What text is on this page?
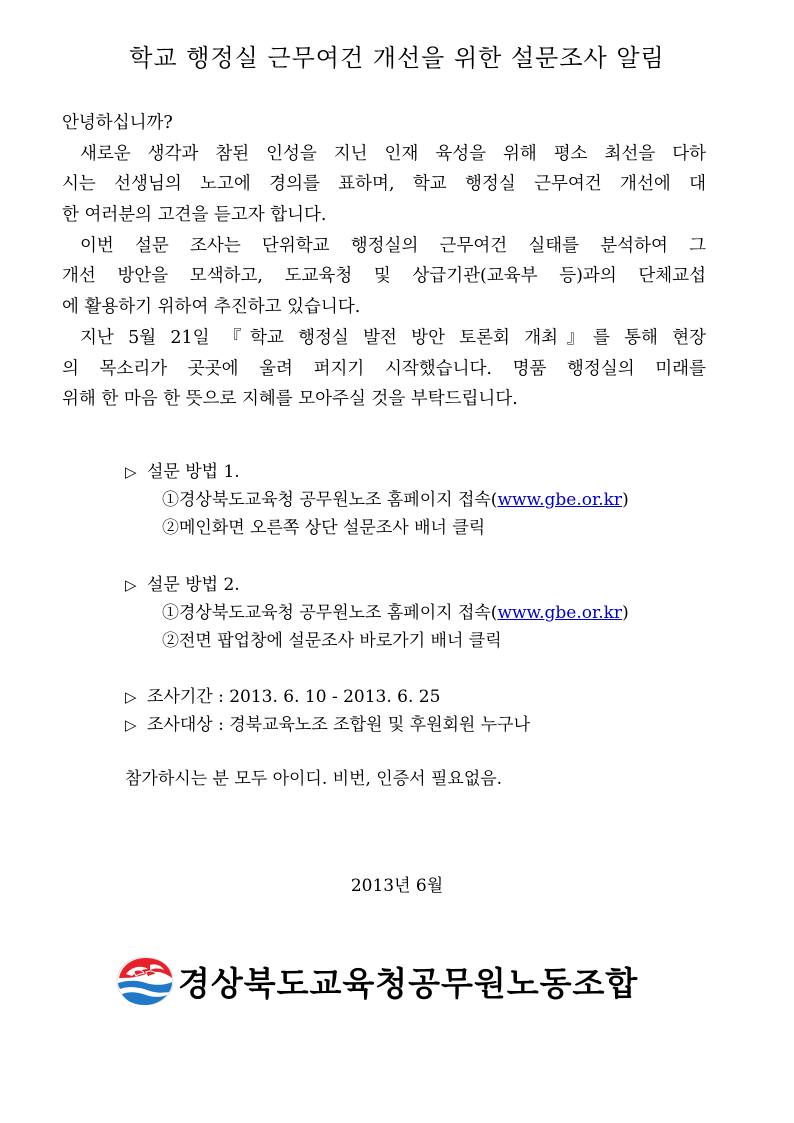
학교 행정실 근무여건 개선을 위한 설문조사 알림
안녕하십니까?
새로운 생각과 참된 인성을 지닌 인재 육성을 위해 평소 최선을 다하
시는 선생님의 노고에 경의를 표하며, 학교 행정실 근무여건 개선에 대
한 여러분의 고견을 듣고자 합니다.
이번 설문 조사는 단위학교 행정실의 근무여건 실태를 분석하여 그
개선 방안을 모색하고, 도교육청 및 상급기관(교육부 등)과의 단체교섭
에 활용하기 위하여 추진하고 있습니다.
지난 5월 21일 『학교 행정실 발전 방안 토론회 개최』를 통해 현장
의 목소리가 곳곳에 울려 퍼지기 시작했습니다. 명품 행정실의 미래를
위해 한 마음 한 뜻으로 지혜를 모아주실 것을 부탁드립니다.
▷ 설문 방법 1.
①경상북도교육청 공무원노조 홈페이지 접속(www.gbe.or.kr)
②메인화면 오른쪽 상단 설문조사 배너 클릭
▷ 설문 방법 2.
①경상북도교육청 공무원노조 홈페이지 접속(www.gbe.or.kr)
②전면 팝업창에 설문조사 바로가기 배너 클릭
▷ 조사기간 : 2013. 6. 10 - 2013. 6. 25
▷ 조사대상 : 경북교육노조 조합원 및 후원회원 누구나
참가하시는 분 모두 아이디. 비번, 인증서 필요없음.
2013년 6월
경상북도교육청공무원노동조합
